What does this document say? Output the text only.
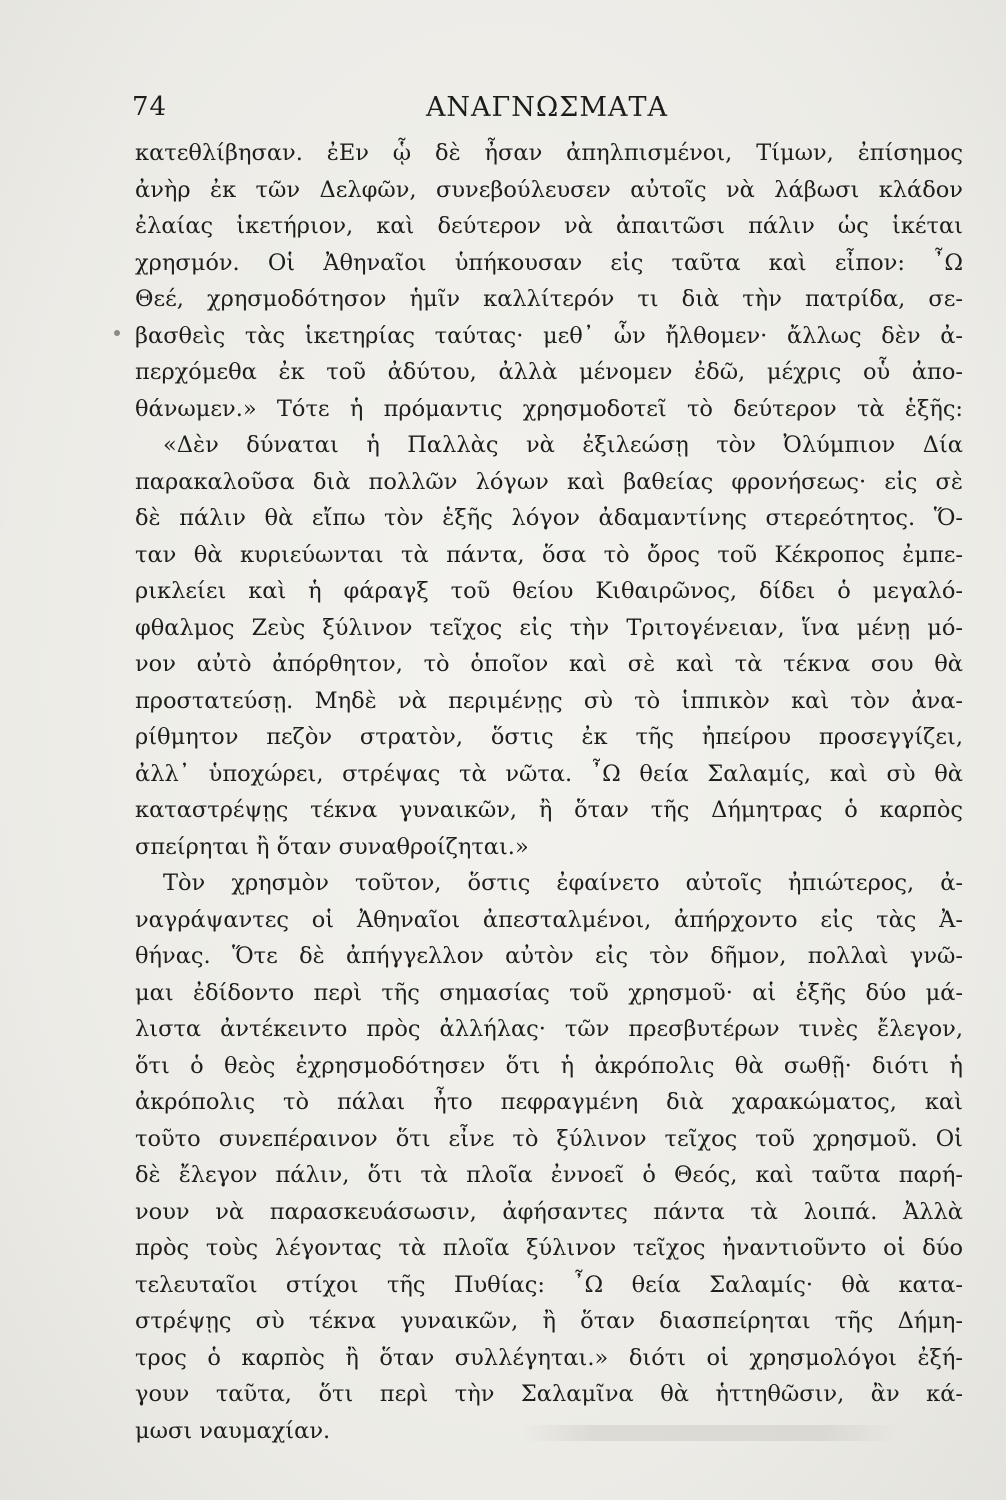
74	ΑΝΑΓΝΩΣΜΑΤΑ
κατεθλίβησαν. ἐΕν ᾧ δὲ ἦσαν ἀπηλπισμένοι, Τίμων, ἐπίσημος
ἀνὴρ ἐκ τῶν Δελφῶν, συνεβούλευσεν αὐτοῖς νὰ λάβωσι κλάδον
ἐλαίας ἱκετήριον, καὶ δεύτερον νὰ ἀπαιτῶσι πάλιν ὡς ἱκέται
χρησμόν. Οἱ Ἀθηναῖοι ὑπήκουσαν εἰς ταῦτα καὶ εἶπον: ῏Ω
Θεέ, χρησμοδότησον ἡμῖν καλλίτερόν τι διὰ τὴν πατρίδα, σε-
βασθεὶς τὰς ἱκετηρίας ταύτας· μεθ᾽ ὧν ἤλθομεν· ἄλλως δὲν ἀ-
περχόμεθα ἐκ τοῦ ἀδύτου, ἀλλὰ μένομεν ἐδῶ, μέχρις οὗ ἀπο-
θάνωμεν.» Τότε ἡ πρόμαντις χρησμοδοτεῖ τὸ δεύτερον τὰ ἑξῆς:
«Δὲν δύναται ἡ Παλλὰς νὰ ἐξιλεώσῃ τὸν Ὀλύμπιον Δία
παρακαλοῦσα διὰ πολλῶν λόγων καὶ βαθείας φρονήσεως· εἰς σὲ
δὲ πάλιν θὰ εἴπω τὸν ἑξῆς λόγον ἀδαμαντίνης στερεότητος. Ὅ-
ταν θὰ κυριεύωνται τὰ πάντα, ὅσα τὸ ὄρος τοῦ Κέκροπος ἐμπε-
ρικλείει καὶ ἡ φάραγξ τοῦ θείου Κιθαιρῶνος, δίδει ὁ μεγαλό-
φθαλμος Ζεὺς ξύλινον τεῖχος εἰς τὴν Τριτογένειαν, ἵνα μένῃ μό-
νον αὐτὸ ἀπόρθητον, τὸ ὁποῖον καὶ σὲ καὶ τὰ τέκνα σου θὰ
προστατεύσῃ. Μηδὲ νὰ περιμένῃς σὺ τὸ ἱππικὸν καὶ τὸν ἀνα-
ρίθμητον πεζὸν στρατὸν, ὅστις ἐκ τῆς ἠπείρου προσεγγίζει,
ἀλλ᾽ ὑποχώρει, στρέψας τὰ νῶτα. ῏Ω θεία Σαλαμίς, καὶ σὺ θὰ
καταστρέψῃς τέκνα γυναικῶν, ἢ ὅταν τῆς Δήμητρας ὁ καρπὸς
σπείρηται ἢ ὅταν συναθροίζηται.»
Τὸν χρησμὸν τοῦτον, ὅστις ἐφαίνετο αὐτοῖς ἠπιώτερος, ἀ-
ναγράψαντες οἱ Ἀθηναῖοι ἀπεσταλμένοι, ἀπήρχοντο εἰς τὰς Ἀ-
θήνας. Ὅτε δὲ ἀπήγγελλον αὐτὸν εἰς τὸν δῆμον, πολλαὶ γνῶ-
μαι ἐδίδοντο περὶ τῆς σημασίας τοῦ χρησμοῦ· αἱ ἑξῆς δύο μά-
λιστα ἀντέκειντο πρὸς ἀλλήλας· τῶν πρεσβυτέρων τινὲς ἔλεγον,
ὅτι ὁ θεὸς ἐχρησμοδότησεν ὅτι ἡ ἀκρόπολις θὰ σωθῇ· διότι ἡ
ἀκρόπολις τὸ πάλαι ἦτο πεφραγμένη διὰ χαρακώματος, καὶ
τοῦτο συνεπέραινον ὅτι εἶνε τὸ ξύλινον τεῖχος τοῦ χρησμοῦ. Οἱ
δὲ ἔλεγον πάλιν, ὅτι τὰ πλοῖα ἐννοεῖ ὁ Θεός, καὶ ταῦτα παρή-
νουν νὰ παρασκευάσωσιν, ἀφήσαντες πάντα τὰ λοιπά. Ἀλλὰ
πρὸς τοὺς λέγοντας τὰ πλοῖα ξύλινον τεῖχος ἠναντιοῦντο οἱ δύο
τελευταῖοι στίχοι τῆς Πυθίας: ῏Ω θεία Σαλαμίς· θὰ κατα-
στρέψῃς σὺ τέκνα γυναικῶν, ἢ ὅταν διασπείρηται τῆς Δήμη-
τρος ὁ καρπὸς ἢ ὅταν συλλέγηται.» διότι οἱ χρησμολόγοι ἐξή-
γουν ταῦτα, ὅτι περὶ τὴν Σαλαμῖνα θὰ ἡττηθῶσιν, ἂν κά-
μωσι ναυμαχίαν.
